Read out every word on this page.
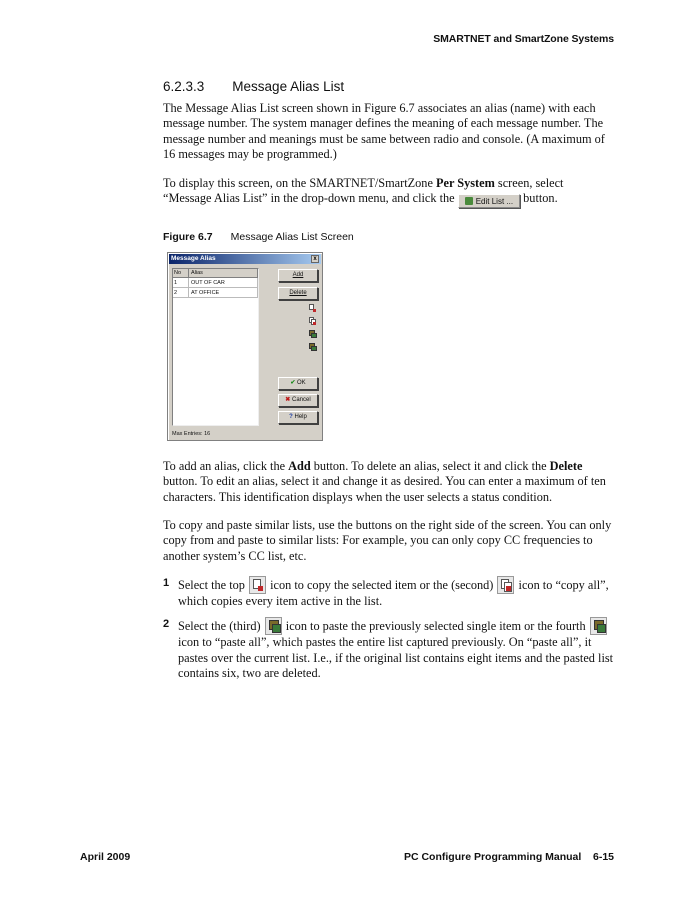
SMARTNET and SmartZone Systems
6.2.3.3 Message Alias List
The Message Alias List screen shown in Figure 6.7 associates an alias (name) with each message number. The system manager defines the meaning of each message number. The message number and meanings must be same between radio and console. (A maximum of 16 messages may be programmed.)
To display this screen, on the SMARTNET/SmartZone Per System screen, select “Message Alias List” in the drop-down menu, and click the Edit List ... button.
Figure 6.7 Message Alias List Screen
Message Alias	x
No	Alias
1	OUT OF CAR
2	AT OFFICE
Add
Delete
✔ OK
✖ Cancel
? Help
Max Entries: 16
To add an alias, click the Add button. To delete an alias, select it and click the Delete button. To edit an alias, select it and change it as desired. You can enter a maximum of ten characters. This identification displays when the user selects a status condition.
To copy and paste similar lists, use the buttons on the right side of the screen. You can only copy from and paste to similar lists: For example, you can only copy CC frequencies to another system’s CC list, etc.
1 Select the top
icon to copy the selected item or the (second)
icon to “copy all”, which copies every item active in the list.
2 Select the (third)
icon to paste the previously selected single item or the fourth
icon to “paste all”, which pastes the entire list captured previously. On “paste all”, it pastes over the current list. I.e., if the original list contains eight items and the pasted list contains six, two are deleted.
April 2009	PC Configure Programming Manual    6-15
